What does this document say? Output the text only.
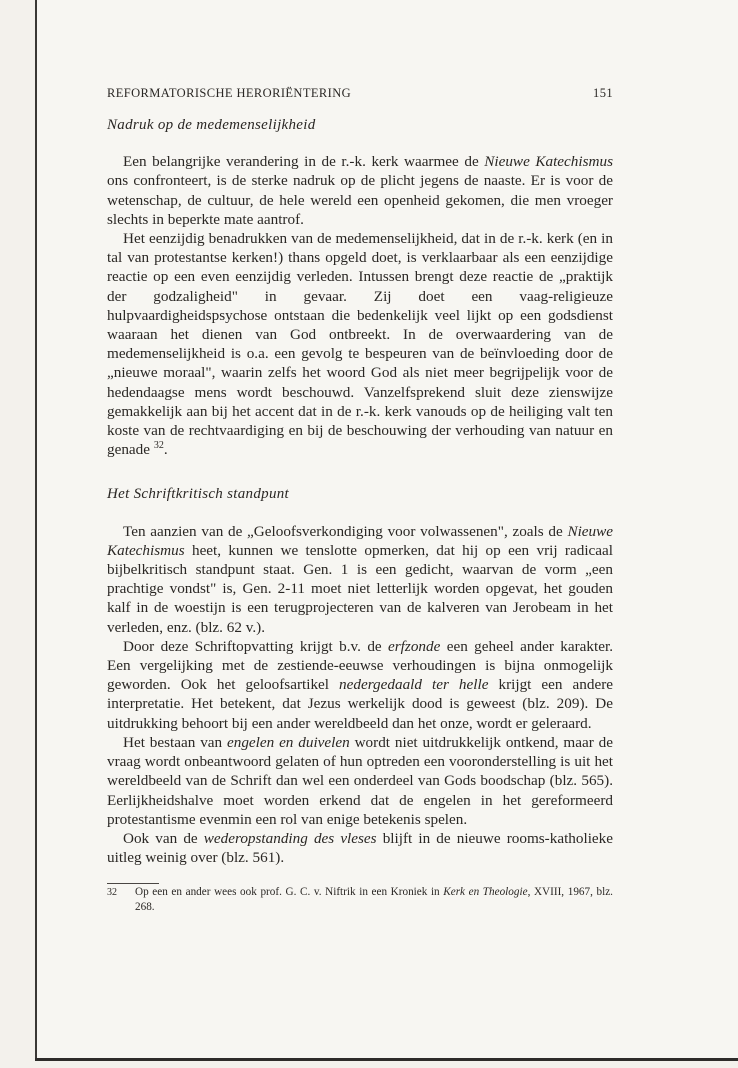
REFORMATORISCHE HERORIËNTERING	151

Nadruk op de medemenselijkheid

Een belangrijke verandering in de r.-k. kerk waarmee de Nieuwe Katechismus ons confronteert, is de sterke nadruk op de plicht jegens de naaste. Er is voor de wetenschap, de cultuur, de hele wereld een openheid gekomen, die men vroeger slechts in beperkte mate aantrof.

Het eenzijdig benadrukken van de medemenselijkheid, dat in de r.-k. kerk (en in tal van protestantse kerken!) thans opgeld doet, is verklaarbaar als een eenzijdige reactie op een even eenzijdig verleden. Intussen brengt deze reactie de „praktijk der godzaligheid" in gevaar. Zij doet een vaag-religieuze hulpvaardigheidspsychose ontstaan die bedenkelijk veel lijkt op een godsdienst waaraan het dienen van God ontbreekt. In de overwaardering van de medemenselijkheid is o.a. een gevolg te bespeuren van de beïnvloeding door de „nieuwe moraal", waarin zelfs het woord God als niet meer begrijpelijk voor de hedendaagse mens wordt beschouwd. Vanzelfsprekend sluit deze zienswijze gemakkelijk aan bij het accent dat in de r.-k. kerk vanouds op de heiliging valt ten koste van de rechtvaardiging en bij de beschouwing der verhouding van natuur en genade $^{32}$.

Het Schriftkritisch standpunt

Ten aanzien van de „Geloofsverkondiging voor volwassenen", zoals de Nieuwe Katechismus heet, kunnen we tenslotte opmerken, dat hij op een vrij radicaal bijbelkritisch standpunt staat. Gen. 1 is een gedicht, waarvan de vorm „een prachtige vondst" is, Gen. 2-11 moet niet letterlijk worden opgevat, het gouden kalf in de woestijn is een terugprojecteren van de kalveren van Jerobeam in het verleden, enz. (blz. 62 v.).

Door deze Schriftopvatting krijgt b.v. de erfzonde een geheel ander karakter. Een vergelijking met de zestiende-eeuwse verhoudingen is bijna onmogelijk geworden. Ook het geloofsartikel nedergedaald ter helle krijgt een andere interpretatie. Het betekent, dat Jezus werkelijk dood is geweest (blz. 209). De uitdrukking behoort bij een ander wereldbeeld dan het onze, wordt er geleraard.

Het bestaan van engelen en duivelen wordt niet uitdrukkelijk ontkend, maar de vraag wordt onbeantwoord gelaten of hun optreden een vooronderstelling is uit het wereldbeeld van de Schrift dan wel een onderdeel van Gods boodschap (blz. 565). Eerlijkheidshalve moet worden erkend dat de engelen in het gereformeerd protestantisme evenmin een rol van enige betekenis spelen.

Ook van de wederopstanding des vleses blijft in de nieuwe rooms-katholieke uitleg weinig over (blz. 561).

32 Op een en ander wees ook prof. G. C. v. Niftrik in een Kroniek in Kerk en Theologie, XVIII, 1967, blz. 268.
